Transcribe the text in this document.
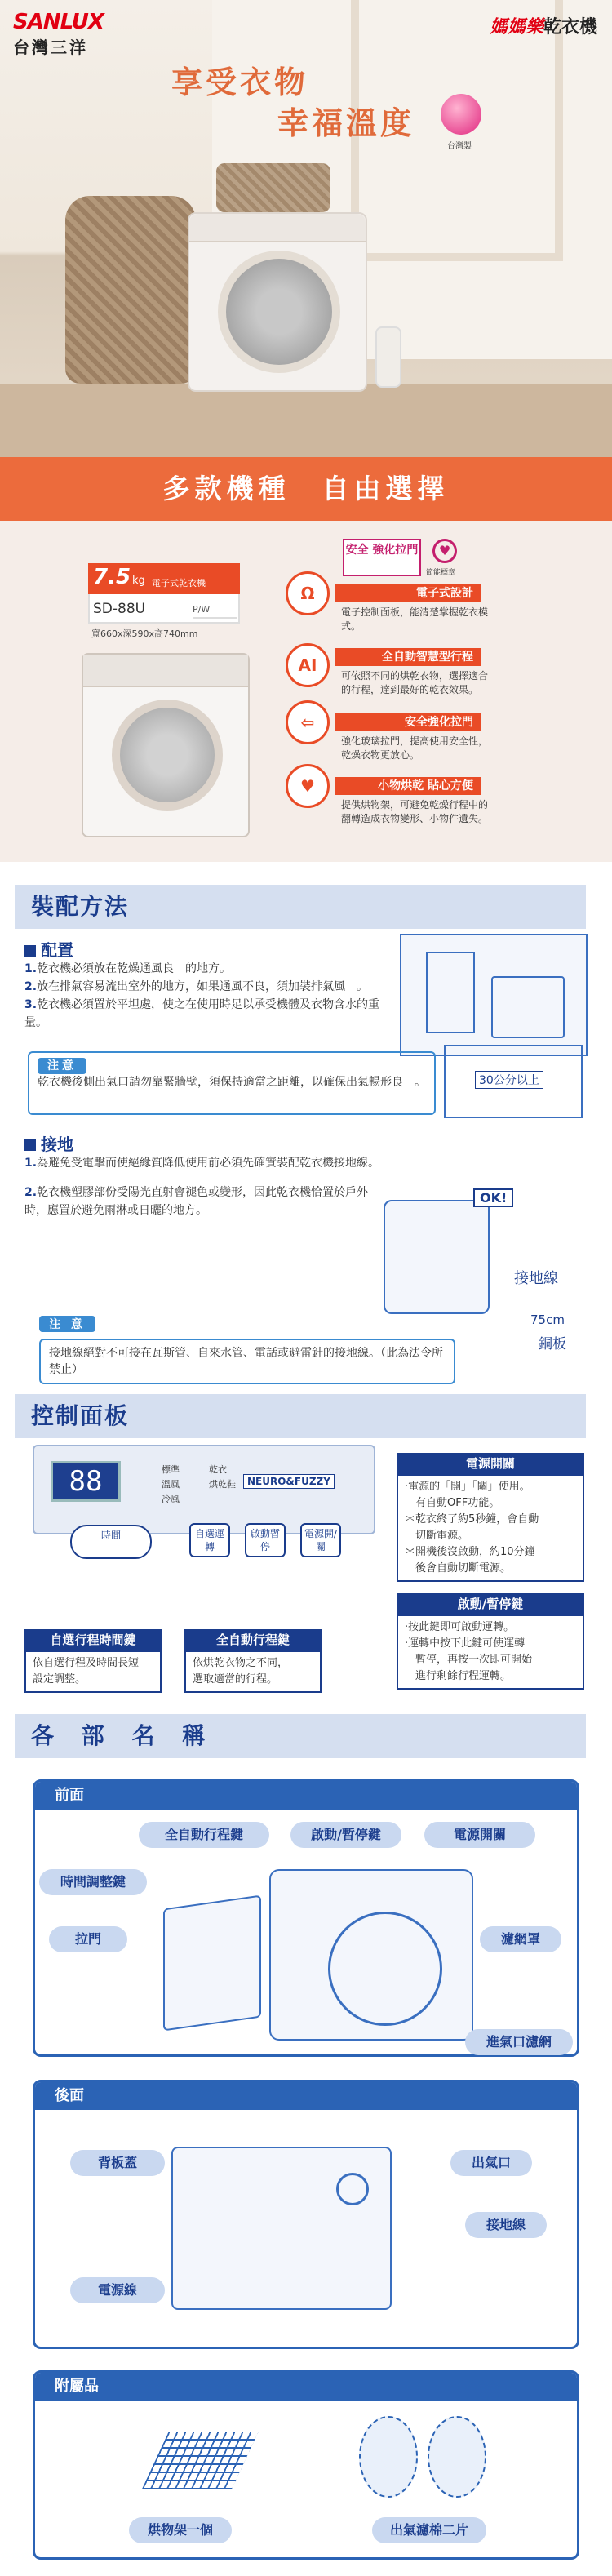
SANLUX
台灣三洋
媽媽樂乾衣機
享受衣物
幸福溫度
台灣製
多款機種　自由選擇
7.5 kg 電子式乾衣機
SD-88U	P/W
寬660x深590x高740mm
安全 強化拉門	♥
節能標章
Ω	電子式設計
電子控制面板，能清楚掌握乾衣模式。
AI	全自動智慧型行程
可依照不同的烘乾衣物，選擇適合的行程，達到最好的乾衣效果。
⇦	安全強化拉門
強化玻璃拉門，提高使用安全性，乾燥衣物更放心。
♥	小物烘乾 貼心方便
提供烘物架，可避免乾燥行程中的翻轉造成衣物變形、小物件遺失。
裝配方法
配置
1.乾衣機必須放在乾燥通風良　的地方。
2.放在排氣容易流出室外的地方，如果通風不良，須加裝排氣風　。
3.乾衣機必須置於平坦處，使之在使用時足以承受機體及衣物含水的重量。
注意
乾衣機後側出氣口請勿靠緊牆壁，須保持適當之距離，以確保出氣暢形良　。	30公分以上
接地
1.為避免受電擊而使絕緣質降低使用前必須先確實裝配乾衣機接地線。
2.乾衣機塑膠部份受陽光直射會褪色或變形，因此乾衣機恰置於戶外時，應置於避免雨淋或日曬的地方。
OK!
接地線
75cm
銅板
注 意
接地線絕對不可接在瓦斯管、自來水管、電話或避雷針的接地線。（此為法令所禁止）
控制面板
88	標準
溫風
冷風
乾衣
烘乾鞋	NEURO&FUZZY
時間	自選運轉
啟動暫停
電源開/關
電源開關
‧電源的「開」「關」使用。
　有自動OFF功能。
＊乾衣終了約5秒鐘，會自動
　切斷電源。
＊開機後沒啟動，約10分鐘
　後會自動切斷電源。
啟動/暫停鍵
‧按此鍵即可啟動運轉。
‧運轉中按下此鍵可使運轉
　暫停，再按一次即可開始
　進行剩餘行程運轉。
自選行程時間鍵
依自選行程及時間長短
設定調整。
全自動行程鍵
依烘乾衣物之不同，
選取適當的行程。
各 部 名 稱
前面
全自動行程鍵	啟動/暫停鍵	電源開關
時間調整鍵
拉門	濾網罩
進氣口濾網
後面
背板蓋	出氣口
接地線
電源線
附屬品
烘物架一個	出氣濾棉二片
